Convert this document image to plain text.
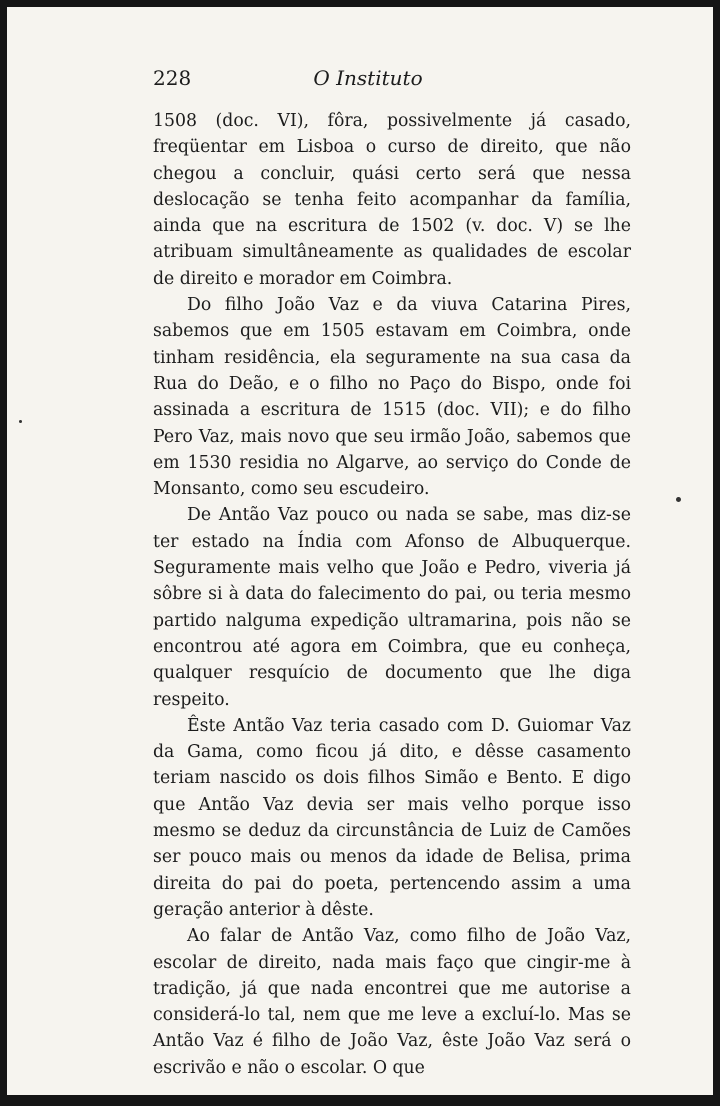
228	O Instituto

1508 (doc. VI), fôra, possivelmente já casado, freqüentar em Lisboa o curso de direito, que não chegou a concluir, quási certo será que nessa deslocação se tenha feito acompanhar da família, ainda que na escritura de 1502 (v. doc. V) se lhe atribuam simultâneamente as qualidades de escolar de direito e morador em Coimbra.

Do filho João Vaz e da viuva Catarina Pires, sabemos que em 1505 estavam em Coimbra, onde tinham residência, ela seguramente na sua casa da Rua do Deão, e o filho no Paço do Bispo, onde foi assinada a escritura de 1515 (doc. VII); e do filho Pero Vaz, mais novo que seu irmão João, sabemos que em 1530 residia no Algarve, ao serviço do Conde de Monsanto, como seu escudeiro.

De Antão Vaz pouco ou nada se sabe, mas diz-se ter estado na Índia com Afonso de Albuquerque. Seguramente mais velho que João e Pedro, viveria já sôbre si à data do falecimento do pai, ou teria mesmo partido nalguma expedição ultramarina, pois não se encontrou até agora em Coimbra, que eu conheça, qualquer resquício de documento que lhe diga respeito.

Êste Antão Vaz teria casado com D. Guiomar Vaz da Gama, como ficou já dito, e dêsse casamento teriam nascido os dois filhos Simão e Bento. E digo que Antão Vaz devia ser mais velho porque isso mesmo se deduz da circunstância de Luiz de Camões ser pouco mais ou menos da idade de Belisa, prima direita do pai do poeta, pertencendo assim a uma geração anterior à dêste.

Ao falar de Antão Vaz, como filho de João Vaz, escolar de direito, nada mais faço que cingir-me à tradição, já que nada encontrei que me autorise a considerá-lo tal, nem que me leve a excluí-lo. Mas se Antão Vaz é filho de João Vaz, êste João Vaz será o escrivão e não o escolar. O que
